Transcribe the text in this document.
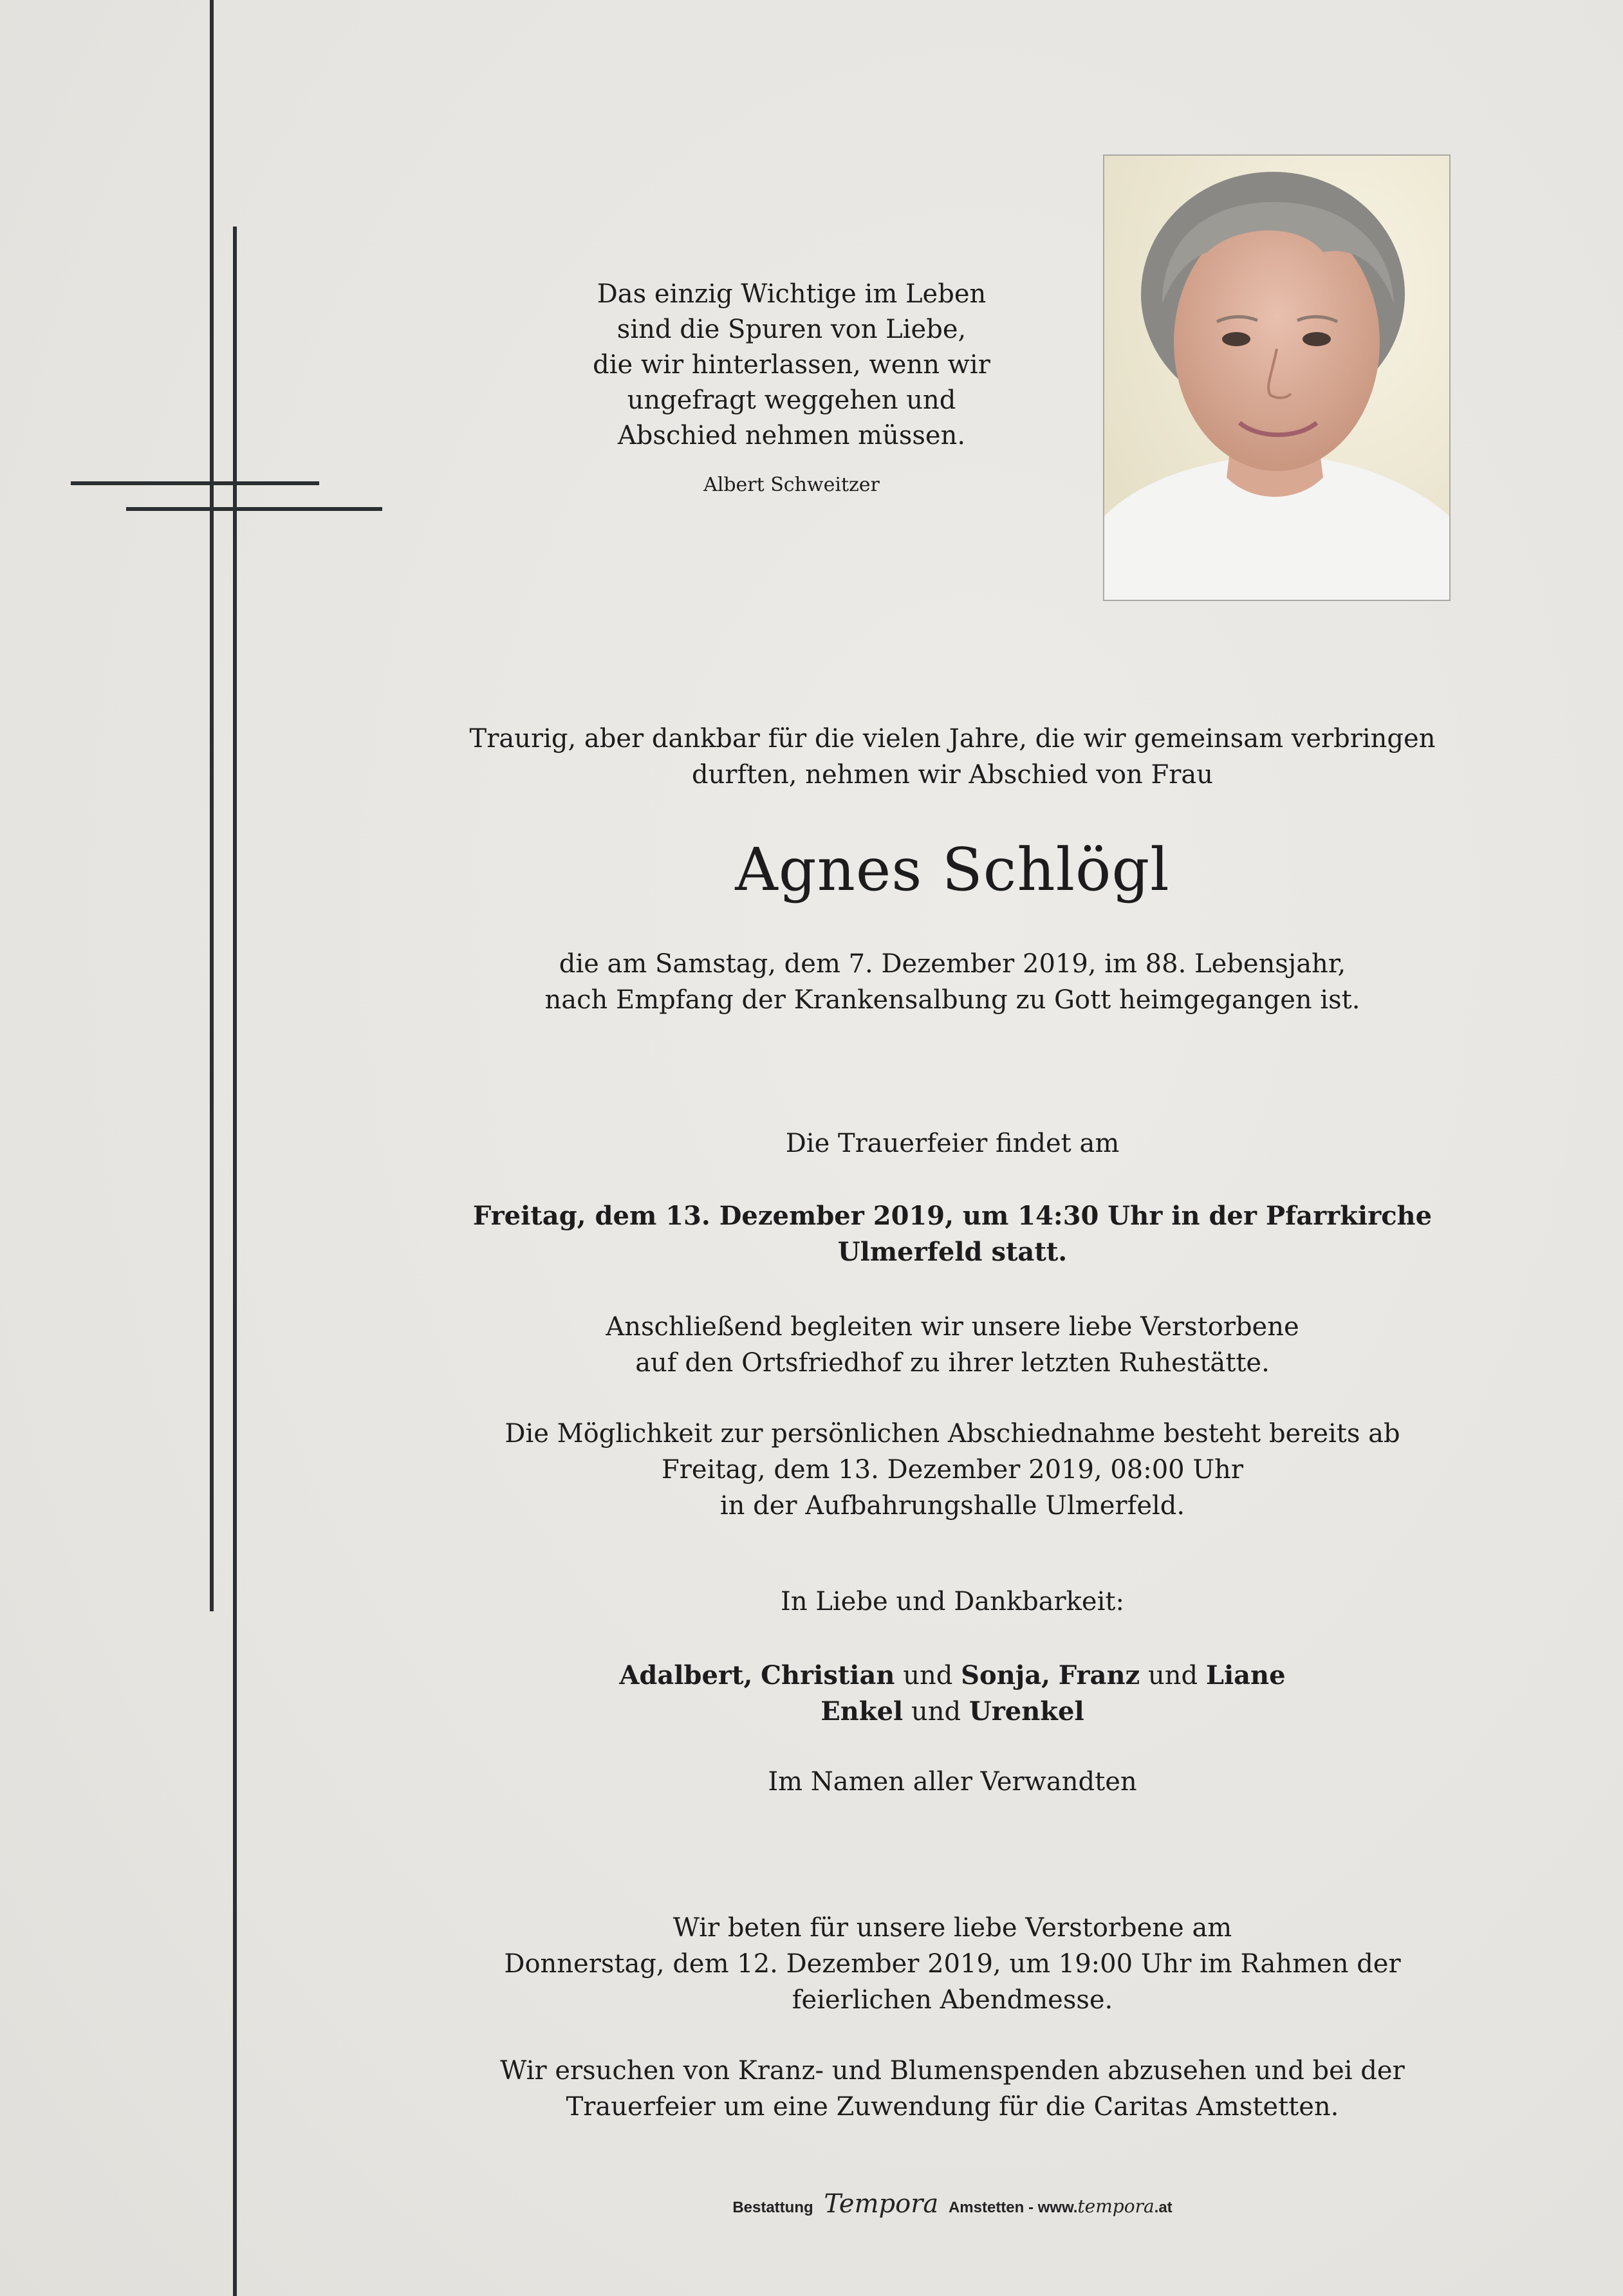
Das einzig Wichtige im Leben
sind die Spuren von Liebe,
die wir hinterlassen, wenn wir
ungefragt weggehen und
Abschied nehmen müssen.
Albert Schweitzer
Traurig, aber dankbar für die vielen Jahre, die wir gemeinsam verbringen
durften, nehmen wir Abschied von Frau
Agnes Schlögl
die am Samstag, dem 7. Dezember 2019, im 88. Lebensjahr,
nach Empfang der Krankensalbung zu Gott heimgegangen ist.
Die Trauerfeier findet am
Freitag, dem 13. Dezember 2019, um 14:30 Uhr in der Pfarrkirche
Ulmerfeld statt.
Anschließend begleiten wir unsere liebe Verstorbene
auf den Ortsfriedhof zu ihrer letzten Ruhestätte.
Die Möglichkeit zur persönlichen Abschiednahme besteht bereits ab
Freitag, dem 13. Dezember 2019, 08:00 Uhr
in der Aufbahrungshalle Ulmerfeld.
In Liebe und Dankbarkeit:
Adalbert, Christian und Sonja, Franz und Liane
Enkel und Urenkel
Im Namen aller Verwandten
Wir beten für unsere liebe Verstorbene am
Donnerstag, dem 12. Dezember 2019, um 19:00 Uhr im Rahmen der
feierlichen Abendmesse.
Wir ersuchen von Kranz- und Blumenspenden abzusehen und bei der
Trauerfeier um eine Zuwendung für die Caritas Amstetten.
Bestattung Tempora Amstetten - www.tempora.at
